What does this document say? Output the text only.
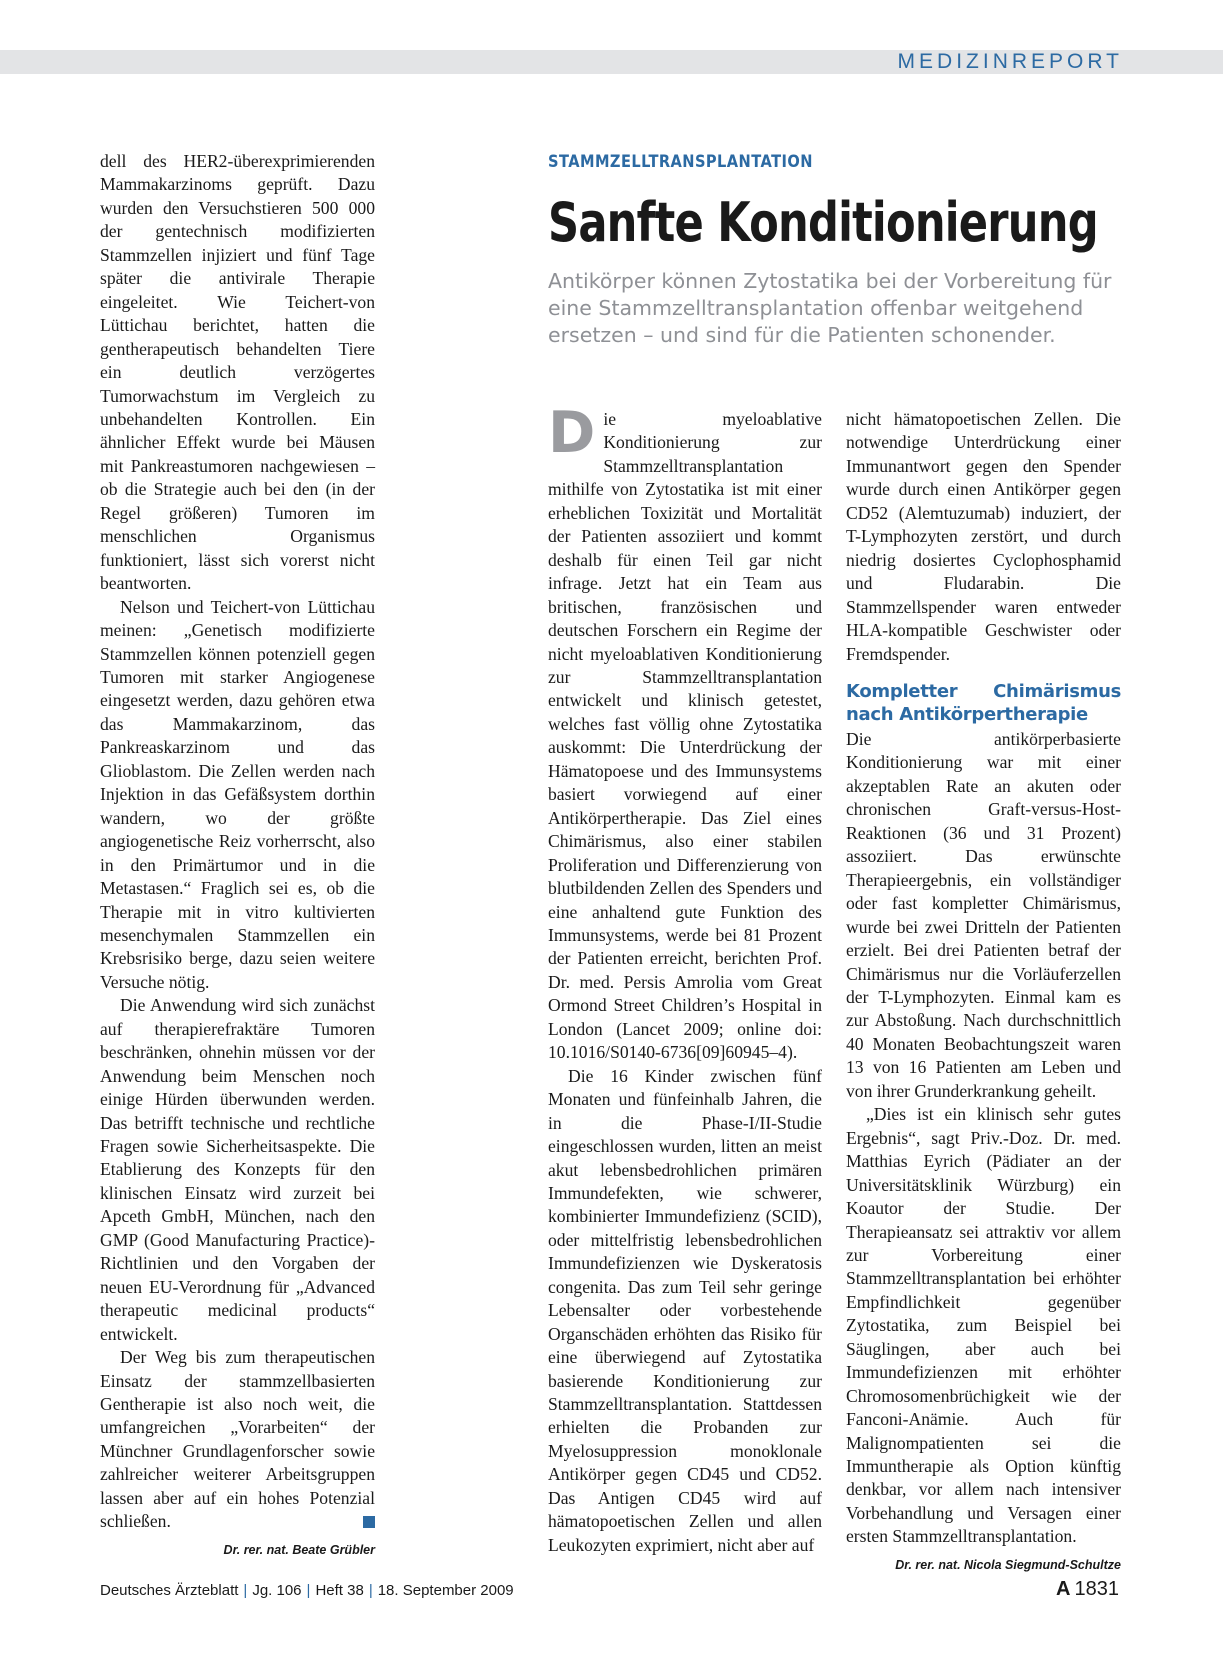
MEDIZINREPORT

dell des HER2-überexprimierenden Mammakarzinoms geprüft. Dazu wurden den Versuchstieren 500 000 der gentechnisch modifizierten Stammzellen injiziert und fünf Tage später die antivirale Therapie eingeleitet. Wie Teichert-von Lüttichau berichtet, hatten die gentherapeutisch behandelten Tiere ein deutlich verzögertes Tumorwachstum im Vergleich zu unbehandelten Kontrollen. Ein ähnlicher Effekt wurde bei Mäusen mit Pankreastumoren nachgewiesen – ob die Strategie auch bei den (in der Regel größeren) Tumoren im menschlichen Organismus funktioniert, lässt sich vorerst nicht beantworten.

Nelson und Teichert-von Lüttichau meinen: „Genetisch modifizierte Stammzellen können potenziell gegen Tumoren mit starker Angiogenese eingesetzt werden, dazu gehören etwa das Mammakarzinom, das Pankreaskarzinom und das Glioblastom. Die Zellen werden nach Injektion in das Gefäßsystem dorthin wandern, wo der größte angiogenetische Reiz vorherrscht, also in den Primärtumor und in die Metastasen.“ Fraglich sei es, ob die Therapie mit in vitro kultivierten mesenchymalen Stammzellen ein Krebsrisiko berge, dazu seien weitere Versuche nötig.

Die Anwendung wird sich zunächst auf therapierefraktäre Tumoren beschränken, ohnehin müssen vor der Anwendung beim Menschen noch einige Hürden überwunden werden. Das betrifft technische und rechtliche Fragen sowie Sicherheitsaspekte. Die Etablierung des Konzepts für den klinischen Einsatz wird zurzeit bei Apceth GmbH, München, nach den GMP (Good Manufacturing Practice)-Richtlinien und den Vorgaben der neuen EU-Verordnung für „Advanced therapeutic medicinal products“ entwickelt.

Der Weg bis zum therapeutischen Einsatz der stammzellbasierten Gentherapie ist also noch weit, die umfangreichen „Vorarbeiten“ der Münchner Grundlagenforscher sowie zahlreicher weiterer Arbeitsgruppen lassen aber auf ein hohes Potenzial schließen.

Dr. rer. nat. Beate Grübler
STAMMZELLTRANSPLANTATION
Sanfte Konditionierung
Antikörper können Zytostatika bei der Vorbereitung für eine Stammzelltransplantation offenbar weitgehend ersetzen – und sind für die Patienten schonender.

Die myeloablative Konditionierung zur Stammzelltransplantation mithilfe von Zytostatika ist mit einer erheblichen Toxizität und Mortalität der Patienten assoziiert und kommt deshalb für einen Teil gar nicht infrage. Jetzt hat ein Team aus britischen, französischen und deutschen Forschern ein Regime der nicht myeloablativen Konditionierung zur Stammzelltransplantation entwickelt und klinisch getestet, welches fast völlig ohne Zytostatika auskommt: Die Unterdrückung der Hämatopoese und des Immunsystems basiert vorwiegend auf einer Antikörpertherapie. Das Ziel eines Chimärismus, also einer stabilen Proliferation und Differenzierung von blutbildenden Zellen des Spenders und eine anhaltend gute Funktion des Immunsystems, werde bei 81 Prozent der Patienten erreicht, berichten Prof. Dr. med. Persis Amrolia vom Great Ormond Street Children’s Hospital in London (Lancet 2009; online doi: 10.1016/S0140-6736[09]60945–4).

Die 16 Kinder zwischen fünf Monaten und fünfeinhalb Jahren, die in die Phase-I/II-Studie eingeschlossen wurden, litten an meist akut lebensbedrohlichen primären Immundefekten, wie schwerer, kombinierter Immundefizienz (SCID), oder mittelfristig lebensbedrohlichen Immundefizienzen wie Dyskeratosis congenita. Das zum Teil sehr geringe Lebensalter oder vorbestehende Organschäden erhöhten das Risiko für eine überwiegend auf Zytostatika basierende Konditionierung zur Stammzelltransplantation. Stattdessen erhielten die Probanden zur Myelosuppression monoklonale Antikörper gegen CD45 und CD52. Das Antigen CD45 wird auf hämatopoetischen Zellen und allen Leukozyten exprimiert, nicht aber auf

nicht hämatopoetischen Zellen. Die notwendige Unterdrückung einer Immunantwort gegen den Spender wurde durch einen Antikörper gegen CD52 (Alemtuzumab) induziert, der T-Lymphozyten zerstört, und durch niedrig dosiertes Cyclophosphamid und Fludarabin. Die Stammzellspender waren entweder HLA-kompatible Geschwister oder Fremdspender.

Kompletter Chimärismus nach Antikörpertherapie

Die antikörperbasierte Konditionierung war mit einer akzeptablen Rate an akuten oder chronischen Graft-versus-Host-Reaktionen (36 und 31 Prozent) assoziiert. Das erwünschte Therapieergebnis, ein vollständiger oder fast kompletter Chimärismus, wurde bei zwei Dritteln der Patienten erzielt. Bei drei Patienten betraf der Chimärismus nur die Vorläuferzellen der T-Lymphozyten. Einmal kam es zur Abstoßung. Nach durchschnittlich 40 Monaten Beobachtungszeit waren 13 von 16 Patienten am Leben und von ihrer Grunderkrankung geheilt.

„Dies ist ein klinisch sehr gutes Ergebnis“, sagt Priv.-Doz. Dr. med. Matthias Eyrich (Pädiater an der Universitätsklinik Würzburg) ein Koautor der Studie. Der Therapieansatz sei attraktiv vor allem zur Vorbereitung einer Stammzelltransplantation bei erhöhter Empfindlichkeit gegenüber Zytostatika, zum Beispiel bei Säuglingen, aber auch bei Immundefizienzen mit erhöhter Chromosomenbrüchigkeit wie der Fanconi-Anämie. Auch für Malignompatienten sei die Immuntherapie als Option künftig denkbar, vor allem nach intensiver Vorbehandlung und Versagen einer ersten Stammzelltransplantation.

Dr. rer. nat. Nicola Siegmund-Schultze
Deutsches Ärzteblatt | Jg. 106 | Heft 38 | 18. September 2009	A 1831
